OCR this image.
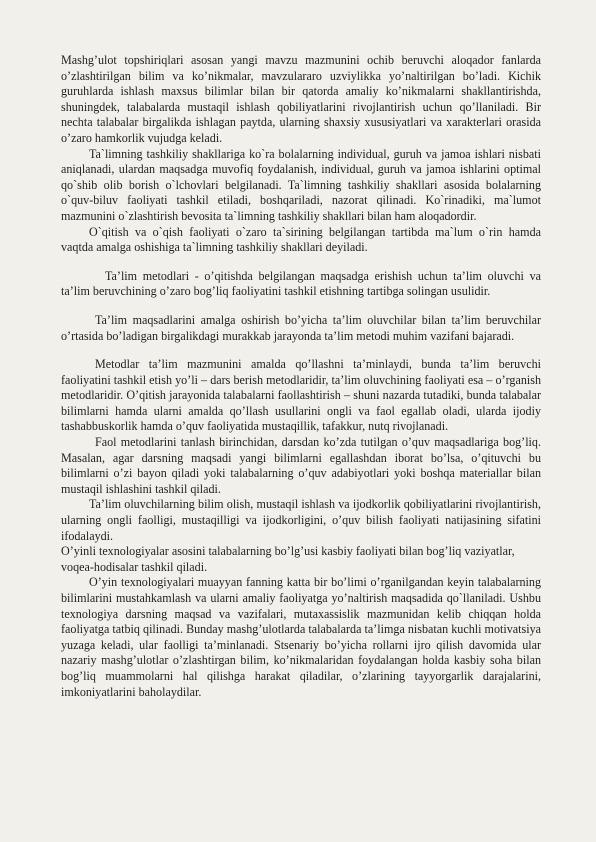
Mashg’ulot topshiriqlari asosan yangi mavzu mazmunini ochib beruvchi aloqador fanlarda o’zlashtirilgan bilim va ko’nikmalar, mavzulararo uzviylikka yo’naltirilgan bo’ladi. Kichik guruhlarda ishlash maxsus bilimlar bilan bir qatorda amaliy ko’nikmalarni shakllantirishda, shuningdek, talabalarda mustaqil ishlash qobiliyatlarini rivojlantirish uchun qo’llaniladi. Bir nechta talabalar birgalikda ishlagan paytda, ularning shaxsiy xususiyatlari va xarakterlari orasida o’zaro hamkorlik vujudga keladi.

Ta`limning tashkiliy shakllariga ko`ra bolalarning individual, guruh va jamoa ishlari nisbati aniqlanadi, ulardan maqsadga muvofiq foydalanish, individual, guruh va jamoa ishlarini optimal qo`shib olib borish o`lchovlari belgilanadi. Ta`limning tashkiliy shakllari asosida bolalarning o`quv-biluv faoliyati tashkil etiladi, boshqariladi, nazorat qilinadi. Ko`rinadiki, ma`lumot mazmunini o`zlashtirish bevosita ta`limning tashkiliy shakllari bilan ham aloqadordir.

O`qitish va o`qish faoliyati o`zaro ta`sirining belgilangan tartibda ma`lum o`rin hamda vaqtda amalga oshishiga ta`limning tashkiliy shakllari deyiladi.

Ta’lim metodlari - o’qitishda belgilangan maqsadga erishish uchun ta’lim oluvchi va ta’lim beruvchining o’zaro bog’liq faoliyatini tashkil etishning tartibga solingan usulidir.

Ta’lim maqsadlarini amalga oshirish bo’yicha ta’lim oluvchilar bilan ta’lim beruvchilar o’rtasida bo’ladigan birgalikdagi murakkab jarayonda ta’lim metodi muhim vazifani bajaradi.

Metodlar ta’lim mazmunini amalda qo’llashni ta’minlaydi, bunda ta’lim beruvchi faoliyatini tashkil etish yo’li – dars berish metodlaridir, ta’lim oluvchining faoliyati esa – o’rganish metodlaridir. O’qitish jarayonida talabalarni faollashtirish – shuni nazarda tutadiki, bunda talabalar bilimlarni hamda ularni amalda qo’llash usullarini ongli va faol egallab oladi, ularda ijodiy tashabbuskorlik hamda o’quv faoliyatida mustaqillik, tafakkur, nutq rivojlanadi.

Faol metodlarini tanlash birinchidan, darsdan ko’zda tutilgan o’quv maqsadlariga bog’liq. Masalan, agar darsning maqsadi yangi bilimlarni egallashdan iborat bo’lsa, o’qituvchi bu bilimlarni o’zi bayon qiladi yoki talabalarning o’quv adabiyotlari yoki boshqa materiallar bilan mustaqil ishlashini tashkil qiladi.

Ta’lim oluvchilarning bilim olish, mustaqil ishlash va ijodkorlik qobiliyatlarini rivojlantirish, ularning ongli faolligi, mustaqilligi va ijodkorligini, o’quv bilish faoliyati natijasining sifatini ifodalaydi.

O’yinli texnologiyalar asosini talabalarning bo’lg’usi kasbiy faoliyati bilan bog’liq vaziyatlar, voqea-hodisalar tashkil qiladi.

O’yin texnologiyalari muayyan fanning katta bir bo’limi o’rganilgandan keyin talabalarning bilimlarini mustahkamlash va ularni amaliy faoliyatga yo’naltirish maqsadida qo`llaniladi. Ushbu texnologiya darsning maqsad va vazifalari, mutaxassislik mazmunidan kelib chiqqan holda faoliyatga tatbiq qilinadi. Bunday mashg’ulotlarda talabalarda ta’limga nisbatan kuchli motivatsiya yuzaga keladi, ular faolligi ta’minlanadi. Stsenariy bo’yicha rollarni ijro qilish davomida ular nazariy mashg’ulotlar o’zlashtirgan bilim, ko’nikmalaridan foydalangan holda kasbiy soha bilan bog’liq muammolarni hal qilishga harakat qiladilar, o’zlarining tayyorgarlik darajalarini, imkoniyatlarini baholaydilar.
